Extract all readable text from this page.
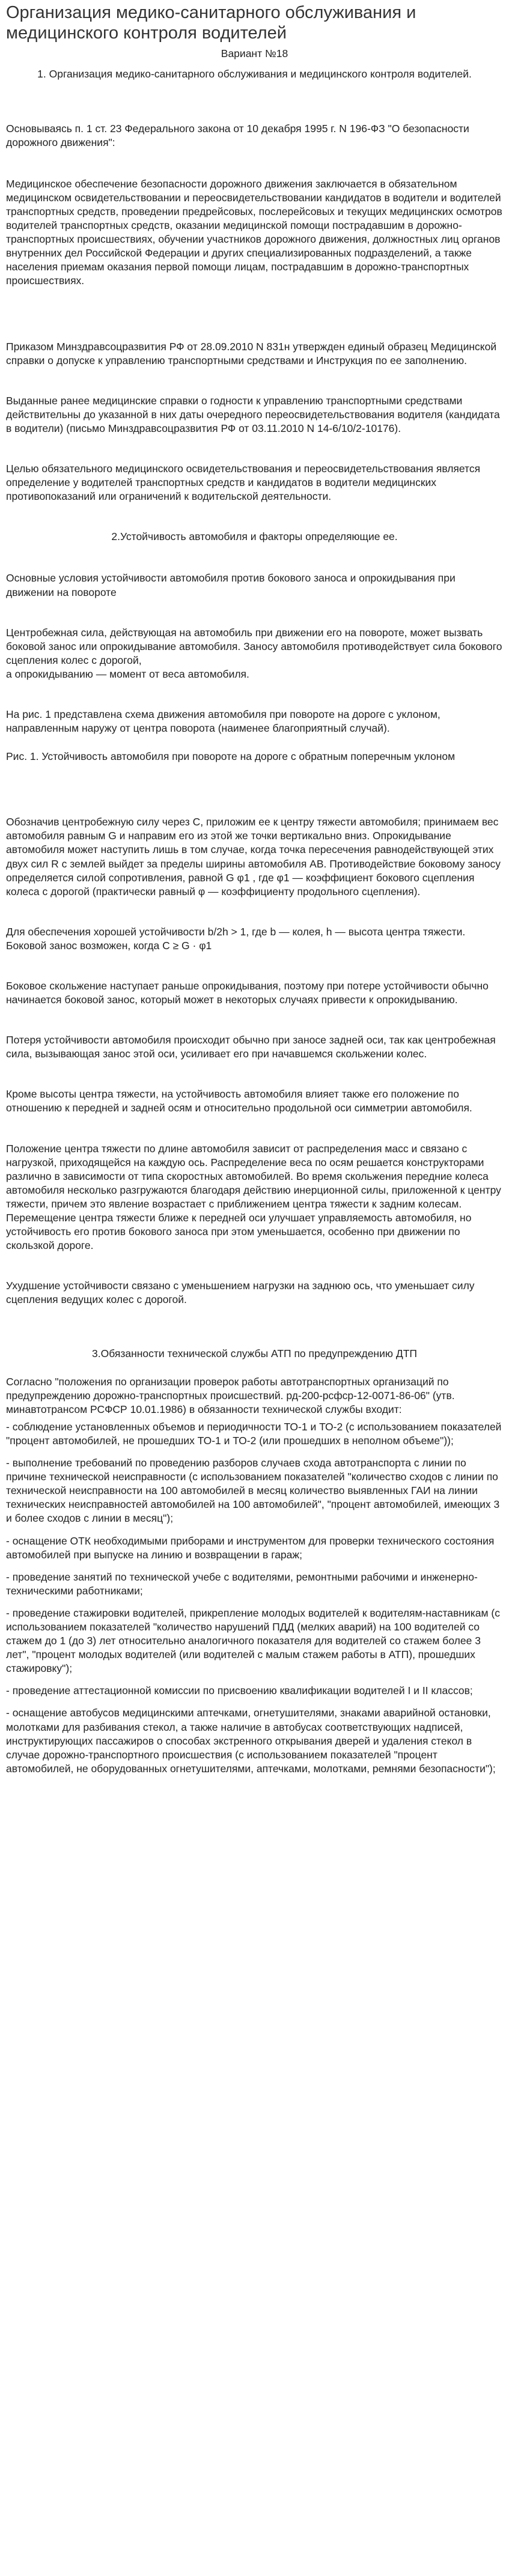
Организация медико-санитарного обслуживания и медицинского контроля водителей
Вариант №18
1. Организация медико-санитарного обслуживания и медицинского контроля водителей.

Основываясь п. 1 ст. 23 Федерального закона от 10 декабря 1995 г. N 196-ФЗ "О безопасности дорожного движения":

Медицинское обеспечение безопасности дорожного движения заключается в обязательном медицинском освидетельствовании и переосвидетельствовании кандидатов в водители и водителей транспортных средств, проведении предрейсовых, послерейсовых и текущих медицинских осмотров водителей транспортных средств, оказании медицинской помощи пострадавшим в дорожно-транспортных происшествиях, обучении участников дорожного движения, должностных лиц органов внутренних дел Российской Федерации и других специализированных подразделений, а также населения приемам оказания первой помощи лицам, пострадавшим в дорожно-транспортных происшествиях.

Приказом Минздравсоцразвития РФ от 28.09.2010 N 831н утвержден единый образец Медицинской справки о допуске к управлению транспортными средствами и Инструкция по ее заполнению.

Выданные ранее медицинские справки о годности к управлению транспортными средствами действительны до указанной в них даты очередного переосвидетельствования водителя (кандидата в водители) (письмо Минздравсоцразвития РФ от 03.11.2010 N 14-6/10/2-10176).

Целью обязательного медицинского освидетельствования и переосвидетельствования является определение у водителей транспортных средств и кандидатов в водители медицинских противопоказаний или ограничений к водительской деятельности.

2.Устойчивость автомобиля и факторы определяющие ее.

Основные условия устойчивости автомобиля против бокового заноса и опрокидывания при движении на повороте

Центробежная сила, действующая на автомобиль при движении его на повороте, может вызвать боковой занос или опрокидывание автомобиля. Заносу автомобиля противодействует сила бокового сцепления колес с дорогой,
а опрокидыванию — момент от веса автомобиля.

На рис. 1 представлена схема движения автомобиля при повороте на дороге с уклоном, направленным наружу от центра поворота (наименее благоприятный случай).

Рис. 1. Устойчивость автомобиля при повороте на дороге с обратным поперечным уклоном

Обозначив центробежную силу через С, приложим ее к центру тяжести автомобиля; принимаем вес автомобиля равным G и направим его из этой же точки вертикально вниз. Опрокидывание автомобиля может наступить лишь в том случае, когда точка пересечения равнодействующей этих двух сил R с землей выйдет за пределы ширины автомобиля АВ. Противодействие боковому заносу определяется силой сопротивления, равной G φ1 , где φ1 — коэффициент бокового сцепления колеса с дорогой (практически равный φ — коэффициенту продольного сцепления).

Для обеспечения хорошей устойчивости b/2h > 1, где b — колея, h — высота центра тяжести. Боковой занос возможен, когда С ≥ G · φ1

Боковое скольжение наступает раньше опрокидывания, поэтому при потере устойчивости обычно начинается боковой занос, который может в некоторых случаях привести к опрокидыванию.

Потеря устойчивости автомобиля происходит обычно при заносе задней оси, так как центробежная сила, вызывающая занос этой оси, усиливает его при начавшемся скольжении колес.

Кроме высоты центра тяжести, на устойчивость автомобиля влияет также его положение по отношению к передней и задней осям и относительно продольной оси симметрии автомобиля.

Положение центра тяжести по длине автомобиля зависит от распределения масс и связано с нагрузкой, приходящейся на каждую ось. Распределение веса по осям решается конструкторами различно в зависимости от типа скоростных автомобилей. Во время скольжения передние колеса автомобиля несколько разгружаются благодаря действию инерционной силы, приложенной к центру тяжести, причем это явление возрастает с приближением центра тяжести к задним колесам. Перемещение центра тяжести ближе к передней оси улучшает управляемость автомобиля, но устойчивость его против бокового заноса при этом уменьшается, особенно при движении по скользкой дороге.

Ухудшение устойчивости связано с уменьшением нагрузки на заднюю ось, что уменьшает силу сцепления ведущих колес с дорогой.

3.Обязанности технической службы АТП по предупреждению ДТП

Согласно "положения по организации проверок работы автотранспортных организаций по предупреждению дорожно-транспортных происшествий. рд-200-рсфср-12-0071-86-06" (утв. минавтотрансом РСФСР 10.01.1986) в обязанности технической службы входит:

- соблюдение установленных объемов и периодичности ТО-1 и ТО-2 (с использованием показателей "процент автомобилей, не прошедших ТО-1 и ТО-2 (или прошедших в неполном объеме"));
- выполнение требований по проведению разборов случаев схода автотранспорта с линии по причине технической неисправности (с использованием показателей "количество сходов с линии по технической неисправности на 100 автомобилей в месяц количество выявленных ГАИ на линии технических неисправностей автомобилей на 100 автомобилей", "процент автомобилей, имеющих 3 и более сходов с линии в месяц");
- оснащение ОТК необходимыми приборами и инструментом для проверки технического состояния автомобилей при выпуске на линию и возвращении в гараж;
- проведение занятий по технической учебе с водителями, ремонтными рабочими и инженерно-техническими работниками;
- проведение стажировки водителей, прикрепление молодых водителей к водителям-наставникам (с использованием показателей "количество нарушений ПДД (мелких аварий) на 100 водителей со стажем до 1 (до 3) лет относительно аналогичного показателя для водителей со стажем более 3 лет", "процент молодых водителей (или водителей с малым стажем работы в АТП), прошедших стажировку");
- проведение аттестационной комиссии по присвоению квалификации водителей I и II классов;
- оснащение автобусов медицинскими аптечками, огнетушителями, знаками аварийной остановки, молотками для разбивания стекол, а также наличие в автобусах соответствующих надписей, инструктирующих пассажиров о способах экстренного открывания дверей и удаления стекол в случае дорожно-транспортного происшествия (с использованием показателей "процент автомобилей, не оборудованных огнетушителями, аптечками, молотками, ремнями безопасности");
